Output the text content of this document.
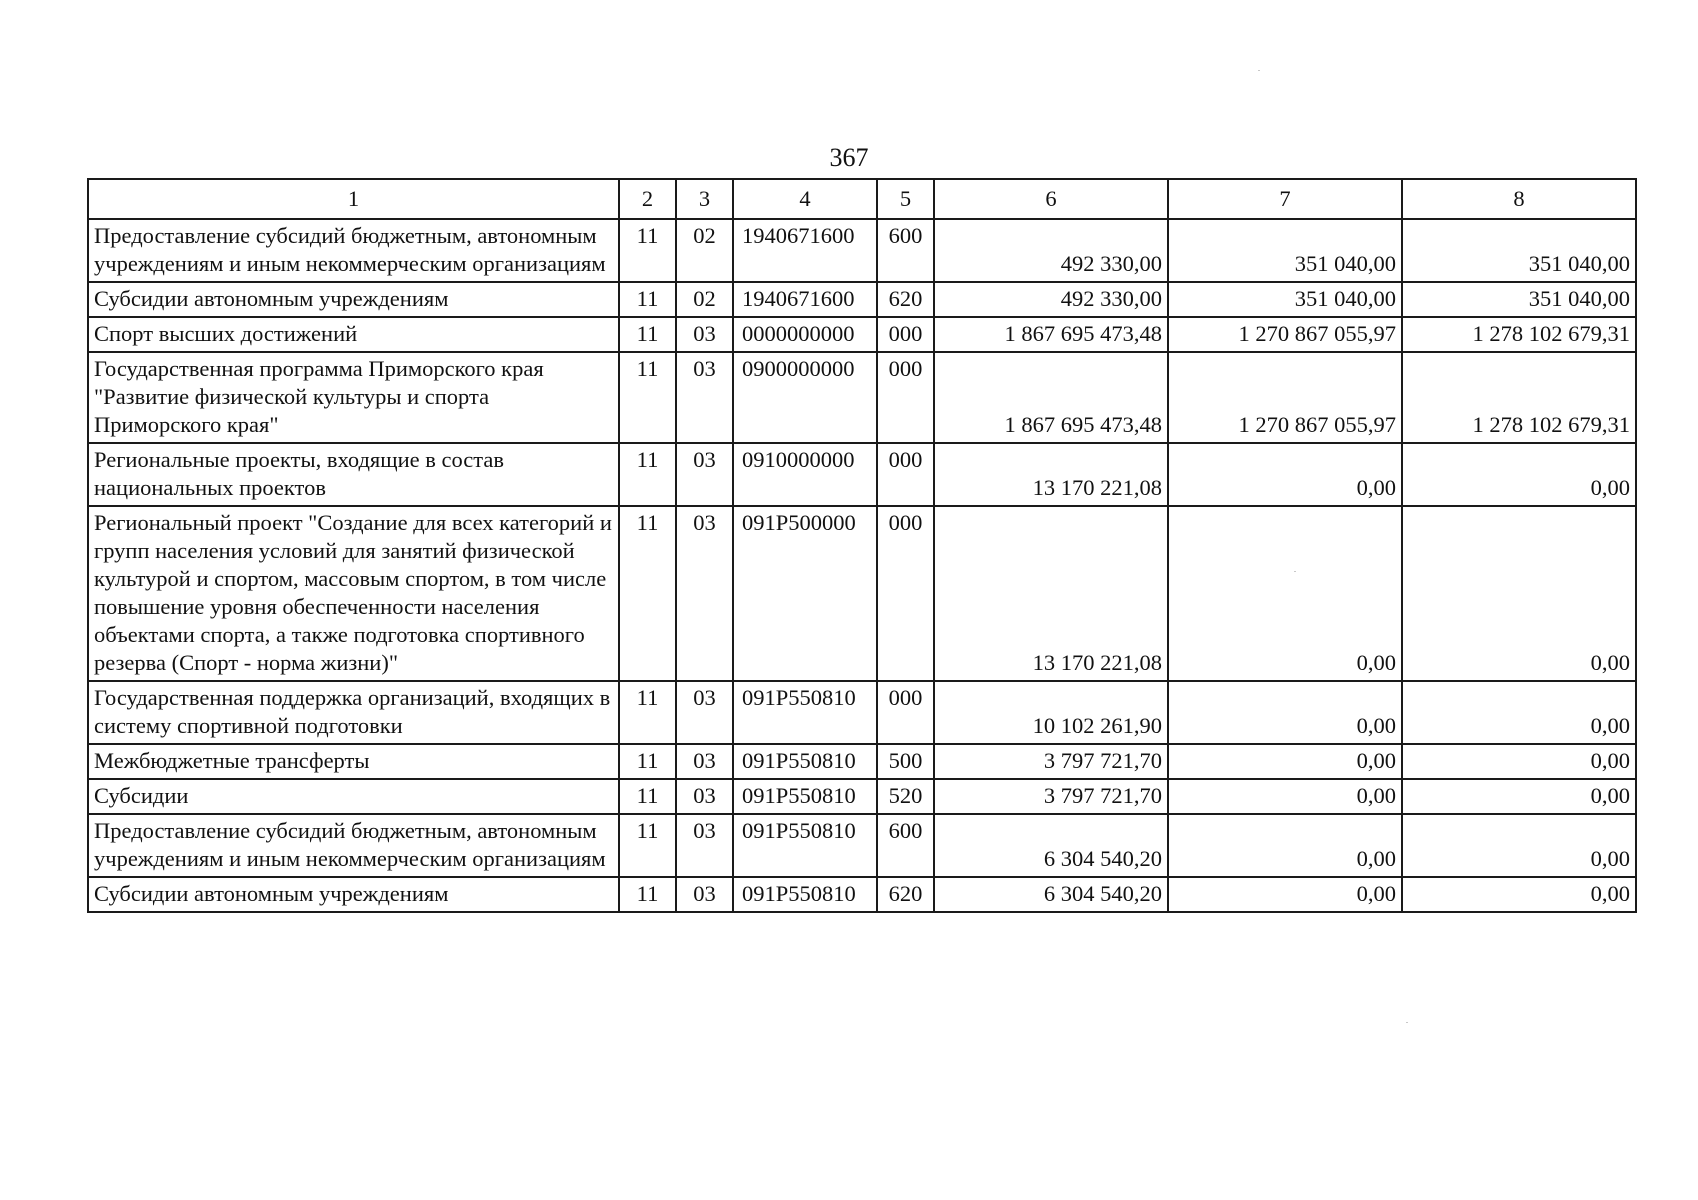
367
1	2	3	4	5	6	7	8
Предоставление субсидий бюджетным, автономным учреждениям и иным некоммерческим организациям	11	02	1940671600	600	492 330,00	351 040,00	351 040,00
Субсидии автономным учреждениям	11	02	1940671600	620	492 330,00	351 040,00	351 040,00
Спорт высших достижений	11	03	0000000000	000	1 867 695 473,48	1 270 867 055,97	1 278 102 679,31
Государственная программа Приморского края "Развитие физической культуры и спорта Приморского края"	11	03	0900000000	000	1 867 695 473,48	1 270 867 055,97	1 278 102 679,31
Региональные проекты, входящие в состав национальных проектов	11	03	0910000000	000	13 170 221,08	0,00	0,00
Региональный проект "Создание для всех категорий и групп населения условий для занятий физической культурой и спортом, массовым спортом, в том числе повышение уровня обеспеченности населения объектами спорта, а также подготовка спортивного резерва (Спорт - норма жизни)"	11	03	091P500000	000	13 170 221,08	0,00	0,00
Государственная поддержка организаций, входящих в систему спортивной подготовки	11	03	091P550810	000	10 102 261,90	0,00	0,00
Межбюджетные трансферты	11	03	091P550810	500	3 797 721,70	0,00	0,00
Субсидии	11	03	091P550810	520	3 797 721,70	0,00	0,00
Предоставление субсидий бюджетным, автономным учреждениям и иным некоммерческим организациям	11	03	091P550810	600	6 304 540,20	0,00	0,00
Субсидии автономным учреждениям	11	03	091P550810	620	6 304 540,20	0,00	0,00
